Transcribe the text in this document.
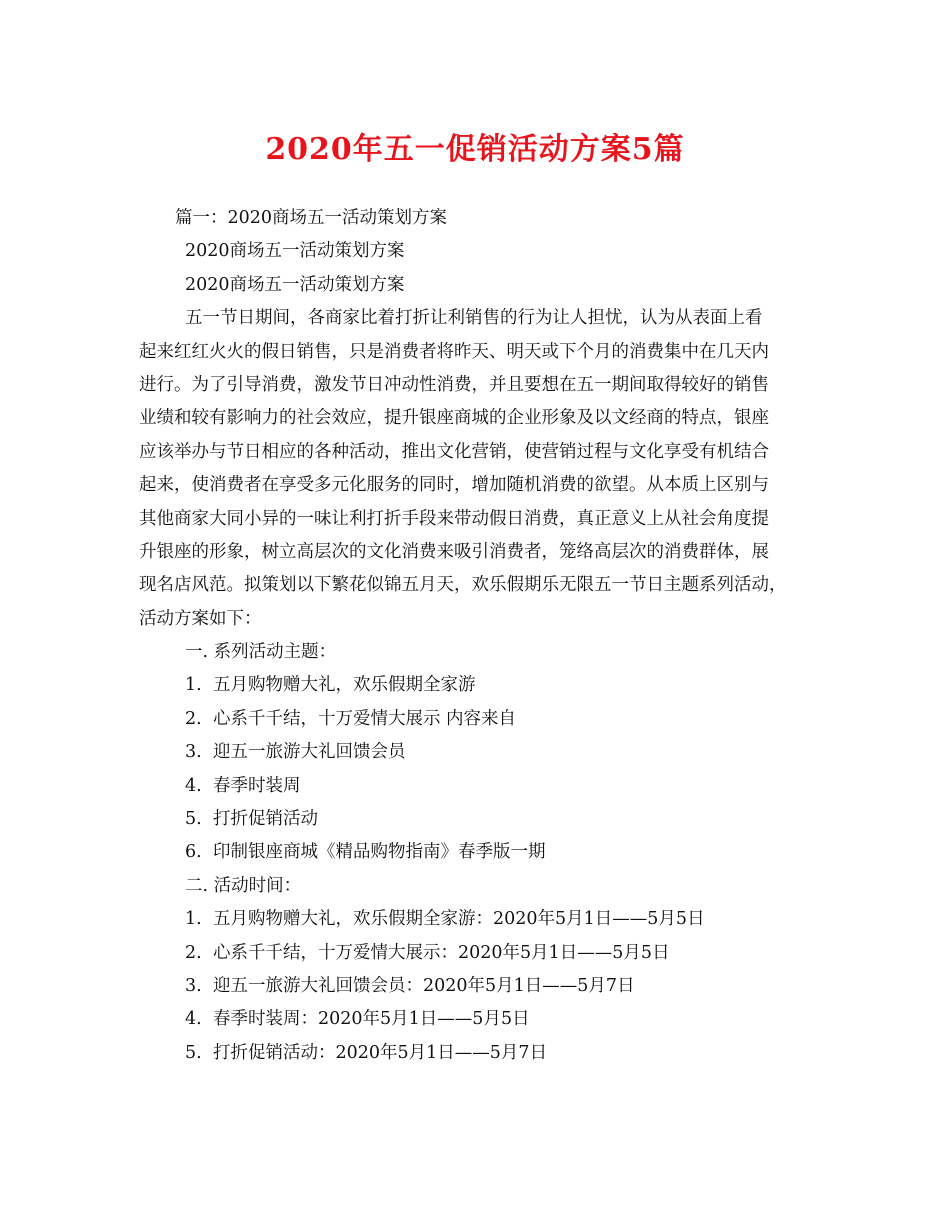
2020年五一促销活动方案5篇
篇一：2020商场五一活动策划方案
2020商场五一活动策划方案
2020商场五一活动策划方案
五一节日期间，各商家比着打折让利销售的行为让人担忧，认为从表面上看
起来红红火火的假日销售，只是消费者将昨天、明天或下个月的消费集中在几天内
进行。为了引导消费，激发节日冲动性消费，并且要想在五一期间取得较好的销售
业绩和较有影响力的社会效应，提升银座商城的企业形象及以文经商的特点，银座
应该举办与节日相应的各种活动，推出文化营销，使营销过程与文化享受有机结合
起来，使消费者在享受多元化服务的同时，增加随机消费的欲望。从本质上区别与
其他商家大同小异的一味让利打折手段来带动假日消费，真正意义上从社会角度提
升银座的形象，树立高层次的文化消费来吸引消费者，笼络高层次的消费群体，展
现名店风范。拟策划以下繁花似锦五月天，欢乐假期乐无限五一节日主题系列活动，
活动方案如下：
一. 系列活动主题：
1. 五月购物赠大礼，欢乐假期全家游
2. 心系千千结，十万爱情大展示 内容来自
3. 迎五一旅游大礼回馈会员
4. 春季时装周
5. 打折促销活动
6. 印制银座商城《精品购物指南》春季版一期
二. 活动时间：
1. 五月购物赠大礼，欢乐假期全家游：2020年5月1日——5月5日
2. 心系千千结，十万爱情大展示：2020年5月1日——5月5日
3. 迎五一旅游大礼回馈会员：2020年5月1日——5月7日
4. 春季时装周：2020年5月1日——5月5日
5. 打折促销活动：2020年5月1日——5月7日
